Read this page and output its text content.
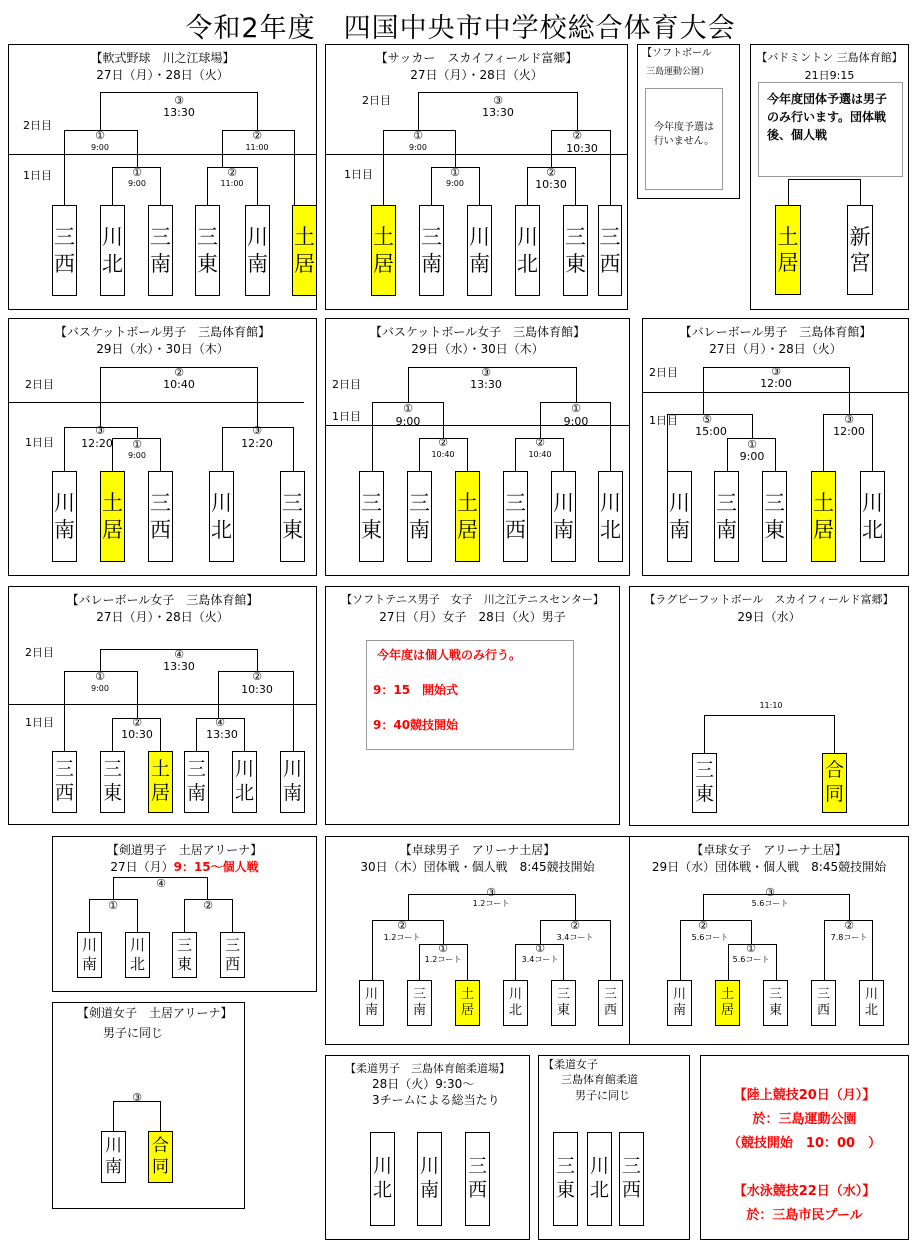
令和2年度　四国中央市中学校総合体育大会
【軟式野球　川之江球場】
27日（月）・28日（火）
2日目
1日目
③
13:30
①
9:00
②
11:00
①
9:00
②
11:00
三西
川北
三南
三東
川南
土居
【サッカー　スカイフィールド富郷】
27日（月）・28日（火）
2日目
1日目
③
13:30
①
9:00
②
10:30
①
9:00
②
10:30
土居
三南
川南
川北
三東
三西
【ソフトボール
三島運動公園）
今年度予選は行いません。
【バドミントン 三島体育館】
21日9:15
今年度団体予選は男子のみ行います。団体戦後、個人戦
土居
新宮
【バスケットボール男子　三島体育館】
29日（水）・30日（木）
2日目
1日目
②
10:40
③
12:20
③
12:20
①
9:00
川南
土居
三西
川北
三東
【バスケットボール女子　三島体育館】
29日（水）・30日（木）
2日目
1日目
③
13:30
①
9:00
①
9:00
②
10:40
②
10:40
三東
三南
土居
三西
川南
川北
【バレーボール男子　三島体育館】
27日（月）・28日（火）
2日目
1日目
③
12:00
⑤
15:00
③
12:00
①
9:00
川南
三南
三東
土居
川北
【バレーボール女子　三島体育館】
27日（月）・28日（火）
2日目
1日目
④
13:30
①
9:00
②
10:30
②
10:30
④
13:30
三西
三東
土居
三南
川北
川南
【ソフトテニス男子　女子　川之江テニスセンター】
27日（月）女子　28日（火）男子
今年度は個人戦のみ行う。
9：15　開始式
9：40競技開始
【ラグビーフットボール　スカイフィールド富郷】
29日（水）
11:10
三東
合同
【剣道男子　土居アリーナ】
27日（月）9：15～個人戦
④
①	②
川南
川北
三東
三西
【剣道女子　土居アリーナ】
男子に同じ
③
川南
合同
【卓球男子　アリーナ土居】
30日（木）団体戦・個人戦　8:45競技開始
③
1.2コート
②
1.2コート
②
3.4コート
①
1.2コート
①
3.4コート
川南
三南
土居
川北
三東
三西
【卓球女子　アリーナ土居】
29日（水）団体戦・個人戦　8:45競技開始
③
5.6コート
②
5.6コート
②
7.8コート
①
5.6コート
川南
土居
三東
三西
川北
【柔道男子　三島体育館柔道場】
28日（火）9:30～
3チームによる総当たり
川北
川南
三西
【柔道女子
三島体育館柔道
男子に同じ
三東
川北
三西
【陸上競技20日（月）】
於：三島運動公園
（競技開始　10：00　）
【水泳競技22日（水）】
於：三島市民プール
